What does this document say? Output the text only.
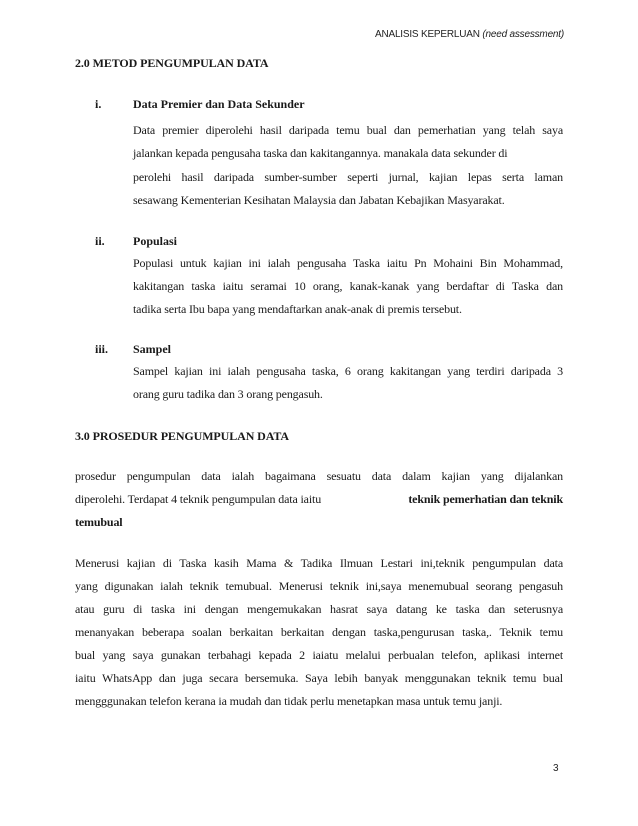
ANALISIS KEPERLUAN (need assessment)
2.0 METOD PENGUMPULAN DATA
i.	Data Premier dan Data Sekunder
Data premier diperolehi hasil daripada temu bual dan pemerhatian yang telah saya
jalankan kepada pengusaha taska dan kakitangannya. manakala data sekunder di
perolehi hasil daripada sumber-sumber seperti jurnal, kajian lepas serta laman
sesawang Kementerian Kesihatan Malaysia dan Jabatan Kebajikan Masyarakat.
ii. Populasi
Populasi untuk kajian ini ialah pengusaha Taska iaitu Pn Mohaini Bin Mohammad,
kakitangan taska iaitu seramai 10 orang, kanak-kanak yang berdaftar di Taska dan
tadika serta Ibu bapa yang mendaftarkan anak-anak di premis tersebut.
iii. Sampel
Sampel kajian ini ialah pengusaha taska, 6 orang kakitangan yang terdiri daripada 3
orang guru tadika dan 3 orang pengasuh.
3.0 PROSEDUR PENGUMPULAN DATA
prosedur pengumpulan data ialah bagaimana sesuatu data dalam kajian yang dijalankan
diperolehi. Terdapat 4 teknik pengumpulan data iaitu	teknik pemerhatian dan teknik
temubual
Menerusi kajian di Taska kasih Mama & Tadika Ilmuan Lestari ini,teknik pengumpulan data
yang digunakan ialah teknik temubual. Menerusi teknik ini,saya menemubual seorang pengasuh
atau guru di taska ini dengan mengemukakan hasrat saya datang ke taska dan seterusnya
menanyakan beberapa soalan berkaitan berkaitan dengan taska,pengurusan taska,. Teknik temu
bual yang saya gunakan terbahagi kepada 2 iaiatu melalui perbualan telefon, aplikasi internet
iaitu WhatsApp dan juga secara bersemuka. Saya lebih banyak menggunakan teknik temu bual
mengggunakan telefon kerana ia mudah dan tidak perlu menetapkan masa untuk temu janji.
3
